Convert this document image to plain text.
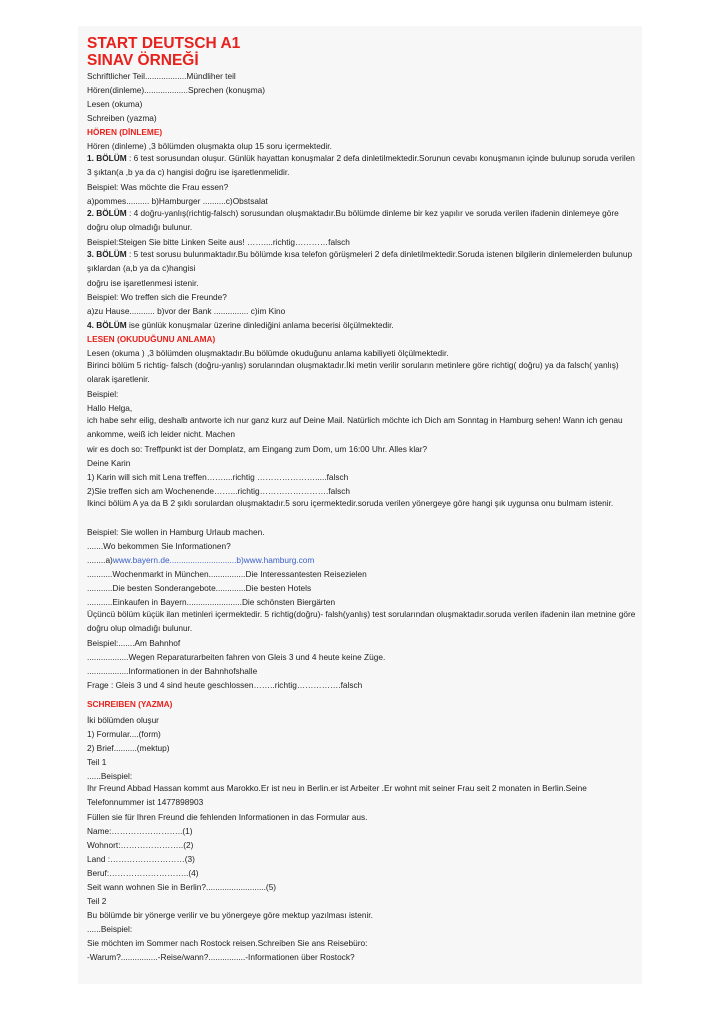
START DEUTSCH A1
SINAV ÖRNEĞİ
Schriftlicher Teil..................Mündliher teil
Hören(dinleme)...................Sprechen (konuşma)
Lesen (okuma)
Schreiben (yazma)
HÖREN (DİNLEME)
Hören (dinleme) ,3 bölümden oluşmakta olup 15 soru içermektedir.
1. BÖLÜM : 6 test sorusundan oluşur. Günlük hayattan konuşmalar 2 defa dinletilmektedir.Sorunun cevabı konuşmanın içinde bulunup soruda verilen 3 şıktan(a ,b ya da c) hangisi doğru ise işaretlenmelidir.
Beispiel: Was möchte die Frau essen?
a)pommes.......... b)Hamburger ..........c)Obstsalat
2. BÖLÜM : 4 doğru-yanlış(richtig-falsch) sorusundan oluşmaktadır.Bu bölümde dinleme bir kez yapılır ve soruda verilen ifadenin dinlemeye göre doğru olup olmadığı bulunur.
Beispiel:Steigen Sie bitte Linken Seite aus! ……....richtig…………falsch
3. BÖLÜM : 5 test sorusu bulunmaktadır.Bu bölümde kısa telefon görüşmeleri 2 defa dinletilmektedir.Soruda istenen bilgilerin dinlemelerden bulunup şıklardan (a,b ya da c)hangisi
doğru ise işaretlenmesi istenir.
Beispiel: Wo treffen sich die Freunde?
a)zu Hause........... b)vor der Bank ............... c)im Kino
4. BÖLÜM ise günlük konuşmalar üzerine dinlediğini anlama becerisi ölçülmektedir.
LESEN (OKUDUĞUNU ANLAMA)
Lesen (okuma ) ,3 bölümden oluşmaktadır.Bu bölümde okuduğunu anlama kabiliyeti ölçülmektedir.
Birinci bölüm 5 richtig- falsch (doğru-yanlış) sorularından oluşmaktadır.İki metin verilir soruların metinlere göre richtig( doğru) ya da falsch( yanlış) olarak işaretlenir.
Beispiel:
Hallo Helga,
ich habe sehr eilig, deshalb antworte ich nur ganz kurz auf Deine Mail. Natürlich möchte ich Dich am Sonntag in Hamburg sehen! Wann ich genau ankomme, weiß ich leider nicht. Machen
wir es doch so: Treffpunkt ist der Domplatz, am Eingang zum Dom, um 16:00 Uhr. Alles klar?
Deine Karin
1) Karin will sich mit Lena treffen……....richtig ………………….....falsch
2)Sie treffen sich am Wochenende……...richtig…………………….falsch
Ikinci bölüm A ya da B 2 şıklı sorulardan oluşmaktadır.5 soru içermektedir.soruda verilen yönergeye göre hangi şık uygunsa onu bulmam istenir.
Beispiel: Sie wollen in Hamburg Urlaub machen.
.......Wo bekommen Sie Informationen?
........a)www.bayern.de.............................b)www.hamburg.com
...........Wochenmarkt in München................Die Interessantesten Reisezielen
...........Die besten Sonderangebote.............Die besten Hotels
...........Einkaufen in Bayern........................Die schönsten Biergärten
Üçüncü bölüm küçük ilan metinleri içermektedir. 5 richtig(doğru)- falsh(yanlış) test sorularından oluşmaktadır.soruda verilen ifadenin ilan metnine göre doğru olup olmadığı bulunur.
Beispiel:.......Am Bahnhof
..................Wegen Reparaturarbeiten fahren von Gleis 3 und 4 heute keine Züge.
..................Informationen in der Bahnhofshalle
Frage : Gleis 3 und 4 sind heute geschlossen……..richtig…………….falsch
SCHREIBEN (YAZMA)
İki bölümden oluşur
1) Formular....(form)
2) Brief..........(mektup)
Teil 1
......Beispiel:
Ihr Freund Abbad Hassan kommt aus Marokko.Er ist neu in Berlin.er ist Arbeiter .Er wohnt mit seiner Frau seit 2 monaten in Berlin.Seine Telefonnummer ist 1477898903
Füllen sie für Ihren Freund die fehlenden Informationen in das Formular aus.
Name:……………………..(1)
Wohnort:…………………..(2)
Land :………………………(3)
Beruf:………………………..(4)
Seit wann wohnen Sie in Berlin?..........................(5)
Teil 2
Bu bölümde bir yönerge verilir ve bu yönergeye göre mektup yazılması istenir.
......Beispiel:
Sie möchten im Sommer nach Rostock reisen.Schreiben Sie ans Reisebüro:
-Warum?................-Reise/wann?................-Informationen über Rostock?
